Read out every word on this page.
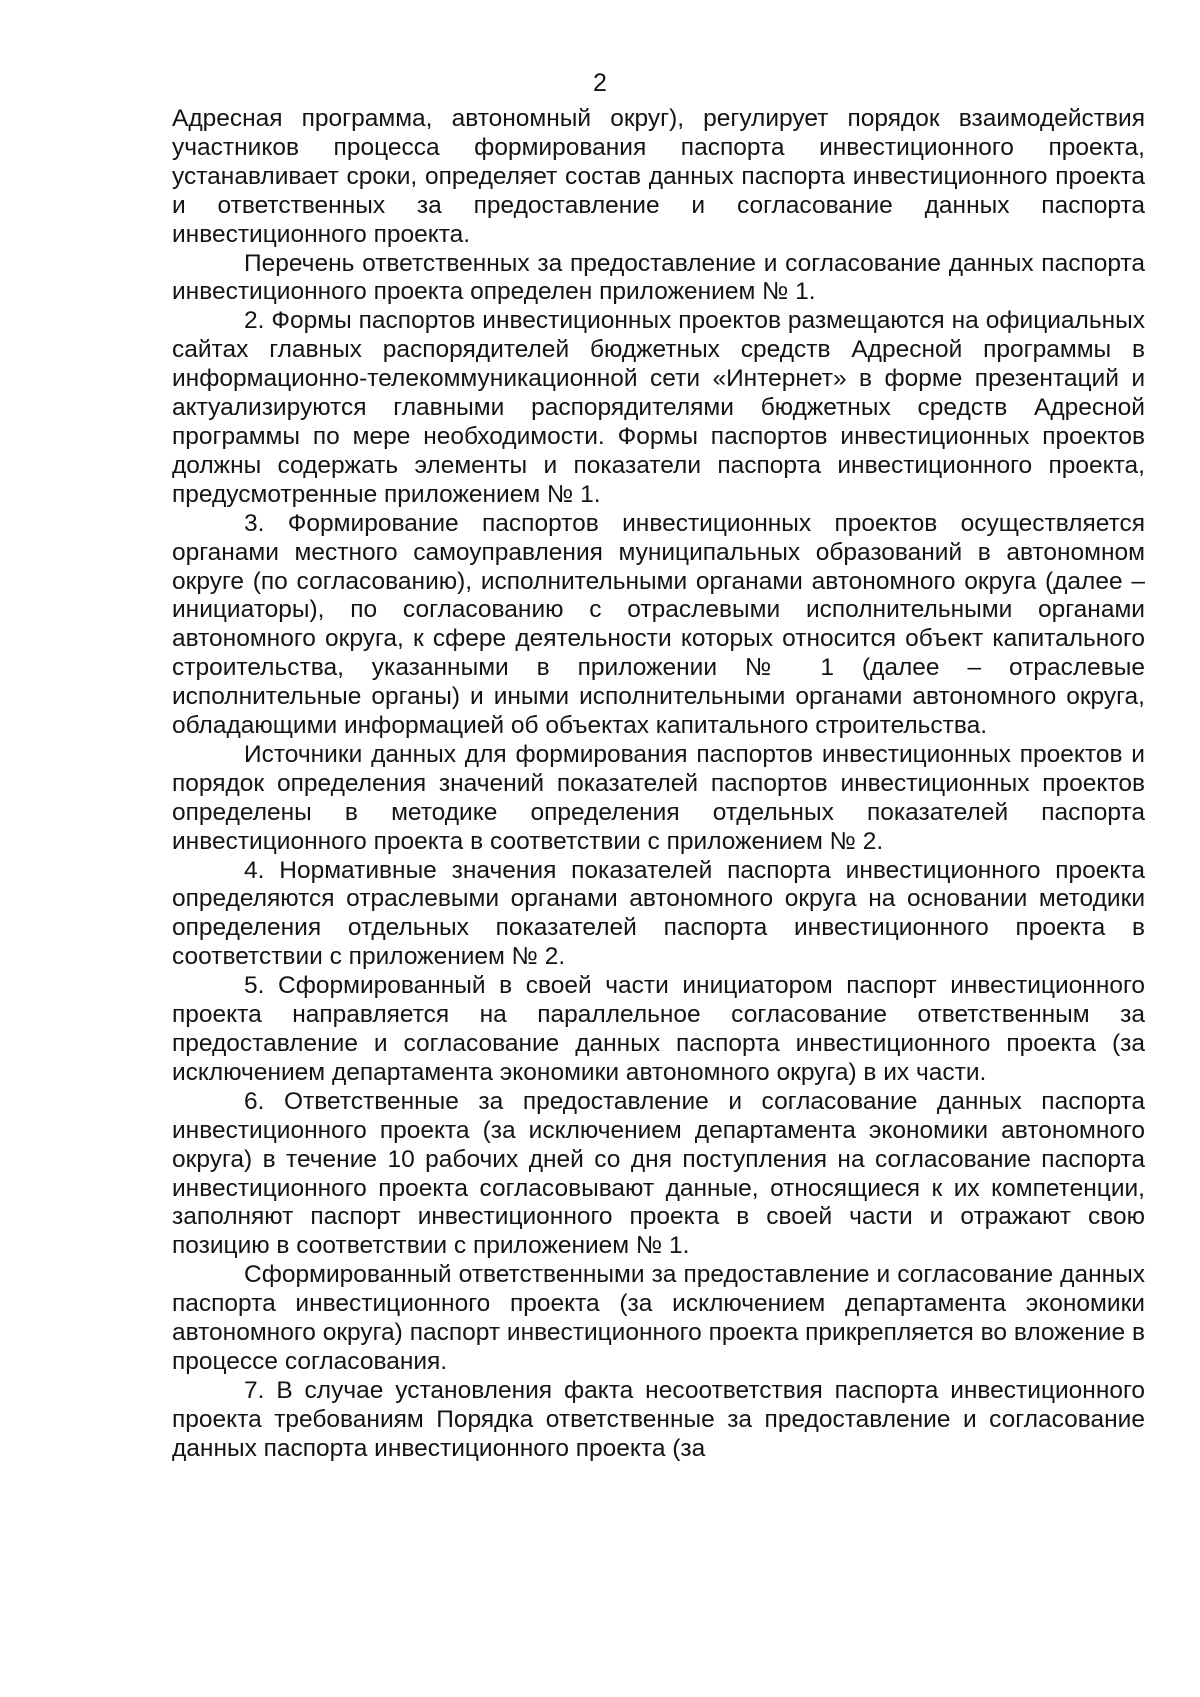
2

Адресная программа, автономный округ), регулирует порядок взаимодействия участников процесса формирования паспорта инвестиционного проекта, устанавливает сроки, определяет состав данных паспорта инвестиционного проекта и ответственных за предоставление и согласование данных паспорта инвестиционного проекта.

Перечень ответственных за предоставление и согласование данных паспорта инвестиционного проекта определен приложением № 1.

2. Формы паспортов инвестиционных проектов размещаются на официальных сайтах главных распорядителей бюджетных средств Адресной программы в информационно-телекоммуникационной сети «Интернет» в форме презентаций и актуализируются главными распорядителями бюджетных средств Адресной программы по мере необходимости. Формы паспортов инвестиционных проектов должны содержать элементы и показатели паспорта инвестиционного проекта, предусмотренные приложением № 1.

3. Формирование паспортов инвестиционных проектов осуществляется органами местного самоуправления муниципальных образований в автономном округе (по согласованию), исполнительными органами автономного округа (далее – инициаторы), по согласованию с отраслевыми исполнительными органами автономного округа, к сфере деятельности которых относится объект капитального строительства, указанными в приложении № 1 (далее – отраслевые исполнительные органы) и иными исполнительными органами автономного округа, обладающими информацией об объектах капитального строительства.

Источники данных для формирования паспортов инвестиционных проектов и порядок определения значений показателей паспортов инвестиционных проектов определены в методике определения отдельных показателей паспорта инвестиционного проекта в соответствии с приложением № 2.

4. Нормативные значения показателей паспорта инвестиционного проекта определяются отраслевыми органами автономного округа на основании методики определения отдельных показателей паспорта инвестиционного проекта в соответствии с приложением № 2.

5. Сформированный в своей части инициатором паспорт инвестиционного проекта направляется на параллельное согласование ответственным за предоставление и согласование данных паспорта инвестиционного проекта (за исключением департамента экономики автономного округа) в их части.

6. Ответственные за предоставление и согласование данных паспорта инвестиционного проекта (за исключением департамента экономики автономного округа) в течение 10 рабочих дней со дня поступления на согласование паспорта инвестиционного проекта согласовывают данные, относящиеся к их компетенции, заполняют паспорт инвестиционного проекта в своей части и отражают свою позицию в соответствии с приложением № 1.

Сформированный ответственными за предоставление и согласование данных паспорта инвестиционного проекта (за исключением департамента экономики автономного округа) паспорт инвестиционного проекта прикрепляется во вложение в процессе согласования.

7. В случае установления факта несоответствия паспорта инвестиционного проекта требованиям Порядка ответственные за предоставление и согласование данных паспорта инвестиционного проекта (за
